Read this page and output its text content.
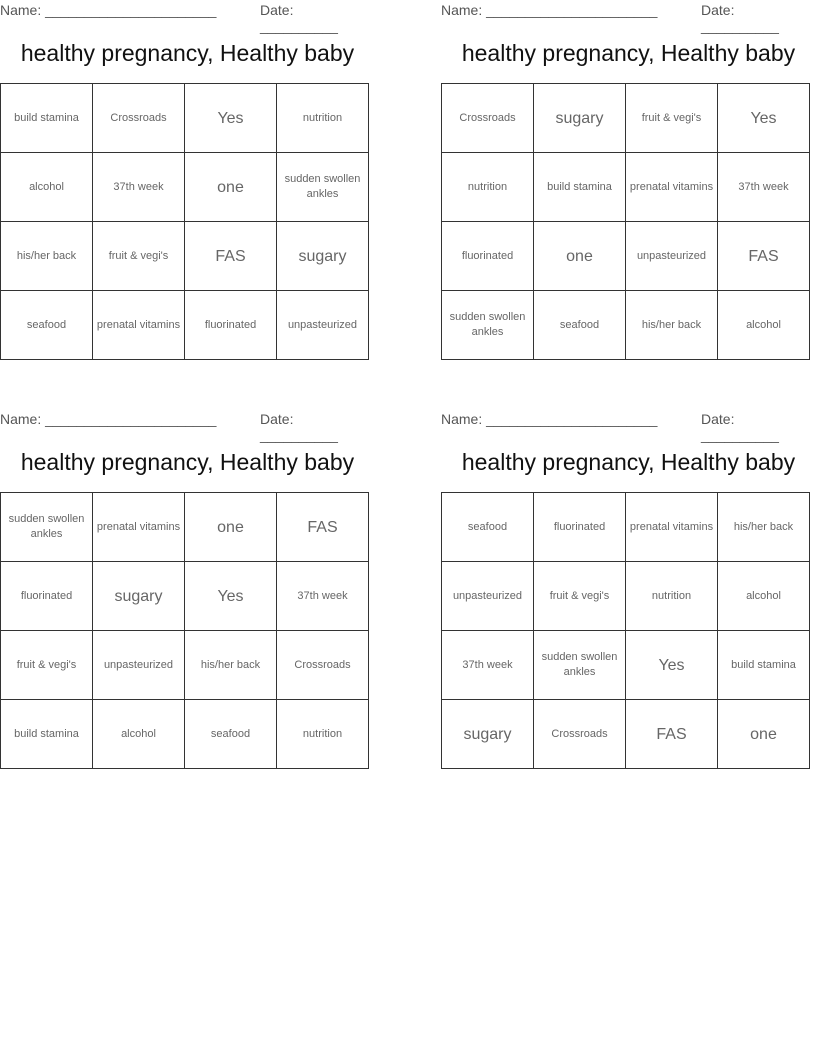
Name: ______________________	Date: __________
healthy pregnancy, Healthy baby
build stamina	Crossroads	Yes	nutrition
alcohol	37th week	one	sudden swollen ankles
his/her back	fruit & vegi's	FAS	sugary
seafood	prenatal vitamins	fluorinated	unpasteurized
Name: ______________________	Date: __________
healthy pregnancy, Healthy baby
Crossroads	sugary	fruit & vegi's	Yes
nutrition	build stamina	prenatal vitamins	37th week
fluorinated	one	unpasteurized	FAS
sudden swollen ankles	seafood	his/her back	alcohol
Name: ______________________	Date: __________
healthy pregnancy, Healthy baby
sudden swollen ankles	prenatal vitamins	one	FAS
fluorinated	sugary	Yes	37th week
fruit & vegi's	unpasteurized	his/her back	Crossroads
build stamina	alcohol	seafood	nutrition
Name: ______________________	Date: __________
healthy pregnancy, Healthy baby
seafood	fluorinated	prenatal vitamins	his/her back
unpasteurized	fruit & vegi's	nutrition	alcohol
37th week	sudden swollen ankles	Yes	build stamina
sugary	Crossroads	FAS	one
